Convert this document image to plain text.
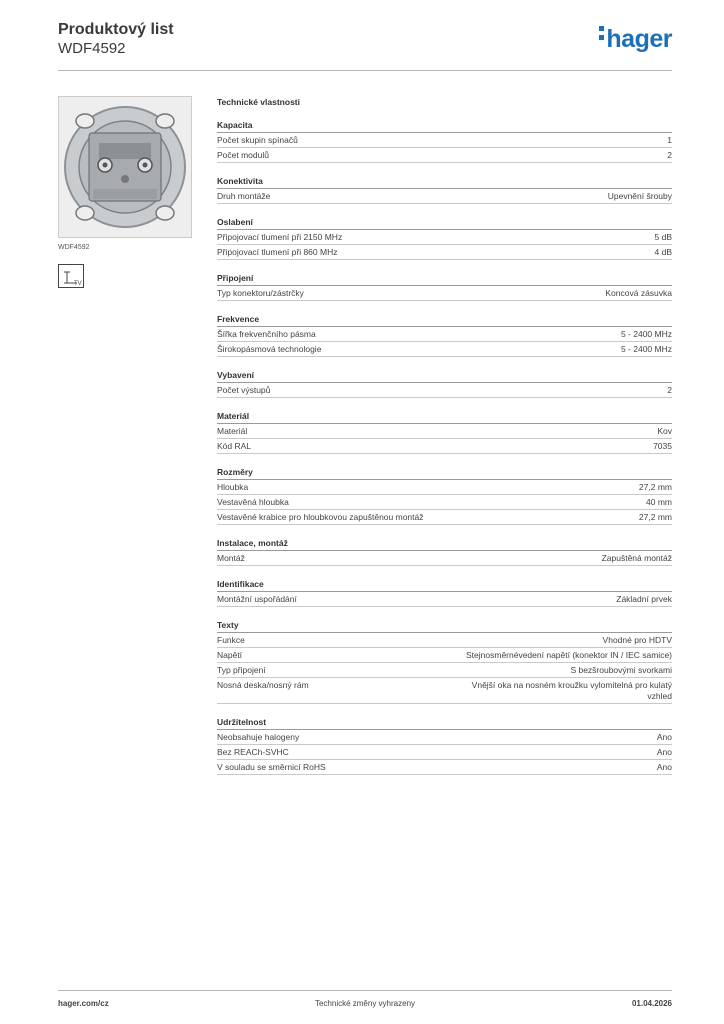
Produktový list
WDF4592	hager
WDF4592
TV
Technické vlastnosti
Kapacita
Počet skupin spínačů	1
Počet modulů	2
Konektivita
Druh montáže	Upevnění šrouby
Oslabení
Připojovací tlumení při 2150 MHz	5 dB
Připojovací tlumení při 860 MHz	4 dB
Připojení
Typ konektoru/zástrčky	Koncová zásuvka
Frekvence
Šířka frekvenčního pásma	5 - 2400 MHz
Širokopásmová technologie	5 - 2400 MHz
Vybavení
Počet výstupů	2
Materiál
Materiál	Kov
Kód RAL	7035
Rozměry
Hloubka	27,2 mm
Vestavěná hloubka	40 mm
Vestavěné krabice pro hloubkovou zapuštěnou montáž	27,2 mm
Instalace, montáž
Montáž	Zapuštěná montáž
Identifikace
Montážní uspořádání	Základní prvek
Texty
Funkce	Vhodné pro HDTV
Napětí	Stejnosměrnévedení napětí (konektor IN / IEC samice)
Typ připojení	S bezšroubovými svorkami
Nosná deska/nosný rám	Vnější oka na nosném kroužku vylomitelná pro kulatý vzhled
Udržitelnost
Neobsahuje halogeny	Ano
Bez REACh-SVHC	Ano
V souladu se směrnicí RoHS	Ano
hager.com/cz	Technické změny vyhrazeny	01.04.2026
